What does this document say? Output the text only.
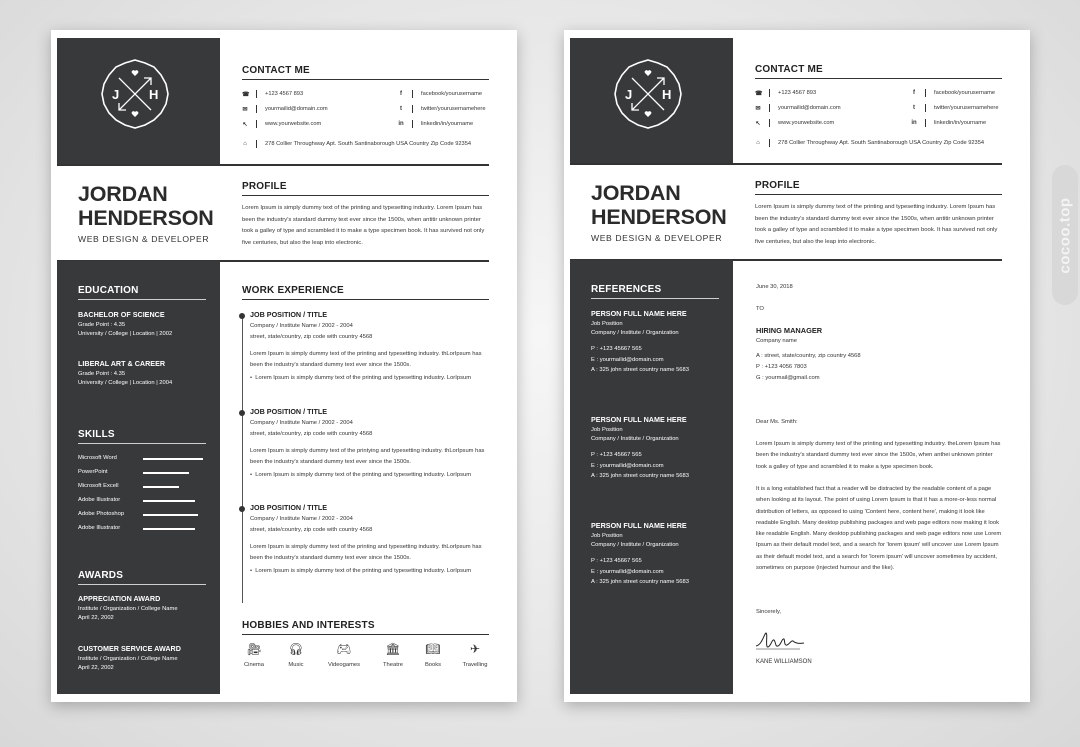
J H
CONTACT ME
☎	+123 4567 893
✉	yourmailid@domain.com
↖	www.yourwebsite.com
f	facebook/yourusername
t	twitter/yourusernamehere
in	linkedin/in/yourname
⌂	278 Collier Throughway Apt. South Santinaborough USA Country Zip Code 92354
JORDAN
HENDERSON
WEB DESIGN & DEVELOPER
PROFILE
Lorem Ipsum is simply dummy text of the printing and typesetting industry. Lorem Ipsum has been the industry's standard dummy text ever since the 1500s, when antitir unknown printer took a galley of type and scrambled it to make a type specimen book. It has survived not only five centuries, but also the leap into electronic.
EDUCATION
BACHELOR OF SCIENCE
Grade Point : 4.35
University / College | Location | 2002
LIBERAL ART & CAREER
Grade Point : 4.35
University / College | Location | 2004
SKILLS
AWARDS
APPRECIATION AWARD
Institute / Organization / College Name
April 22, 2002
CUSTOMER SERVICE AWARD
Institute / Organization / College Name
April 22, 2002
WORK EXPERIENCE
JOB POSITION / TITLE
Company / Institute Name / 2002 - 2004
street, state/country, zip code with country 4568
Lorem Ipsum is simply dummy text of the printing and typesetting industry. thLorIpsum has been the industry's standard dummy text ever since the 1500s.
•  Lorem Ipsum is simply dummy text of the printing and typesetting industry. LorIpsum
JOB POSITION / TITLE
Company / Institute Name / 2002 - 2004
street, state/country, zip code with country 4568
Lorem Ipsum is simply dummy text of the printying and typesetting industry. thLorIpsum has been the industry's standard dummy text ever since the 1500s.
•  Lorem Ipsum is simply dummy text of the printing and typesetting industry. LorIpsum
JOB POSITION / TITLE
Company / Institute Name / 2002 - 2004
street, state/country, zip code with country 4568
Lorem Ipsum is simply dummy text of the printing and typesetting industry. thLorIpsum has been the industry's standard dummy text ever since the 1500s.
•  Lorem Ipsum is simply dummy text of the printing and typesetting industry. LorIpsum
HOBBIES AND INTERESTS
🎥︎
Cinema
🎧︎
Music
🎮︎
Videogames
🏛︎
Theatre
📖︎
Books
✈︎
Travelling
Microsoft Word
PowerPoint
Microsoft Excell
Adobe Illustrator
Adobe Photoshop
Adobe Illustrator
J H
CONTACT ME
☎	+123 4567 893
✉	yourmailid@domain.com
↖	www.yourwebsite.com
f	facebook/yourusername
t	twitter/yourusernamehere
in	linkedin/in/yourname
⌂	278 Collier Throughway Apt. South Santinaborough USA Country Zip Code 92354
JORDAN
HENDERSON
WEB DESIGN & DEVELOPER
PROFILE
Lorem Ipsum is simply dummy text of the printing and typesetting industry. Lorem Ipsum has been the industry's standard dummy text ever since the 1500s, when antitir unknown printer took a galley of type and scrambled it to make a type specimen book. It has survived not only five centuries, but also the leap into electronic.
REFERENCES
PERSON FULL NAME HERE
Job Position
Company / Institute / Organization
P : +123 45667 565
E : yourmailid@domain.com
A : 325 john street country name 5683
PERSON FULL NAME HERE
Job Position
Company / Institute / Organization
P : +123 45667 565
E : yourmailid@domain.com
A : 325 john street country name 5683
PERSON FULL NAME HERE
Job Position
Company / Institute / Organization
P : +123 45667 565
E : yourmailid@domain.com
A : 325 john street country name 5683
June 30, 2018
TO
HIRING MANAGER
Company name
A : street, state/country, zip country 4568
P : +123 4056 7803
G : yourmail@gmail.com
Dear Ms. Smith:
Lorem Ipsum is simply dummy text of the printing and typesetting industry. theLorem Ipsum has been the industry's standard dummy text ever since the 1500s, when anthei unknown printer took a galley of type and scrambled it to make a type specimen book.
It is a long established fact that a reader will be distracted by the readable content of a page when looking at its layout. The point of using Lorem Ipsum is that it has a more-or-less normal distribution of letters, as opposed to using 'Content here, content here', making it look like readable English. Many desktop publishing packages and web page editors now making it look like readable English. Many desktop publishing packages and web page editors now use Lorem Ipsum as their default model text, and a search for 'lorem ipsum' will uncover use Lorem Ipsum as their default model text, and a search for 'lorem ipsum' will uncover sometimes by accident, sometimes on purpose (injected humour and the like).
Sincerely,
KANE WILLIAMSON
cocoo.top
